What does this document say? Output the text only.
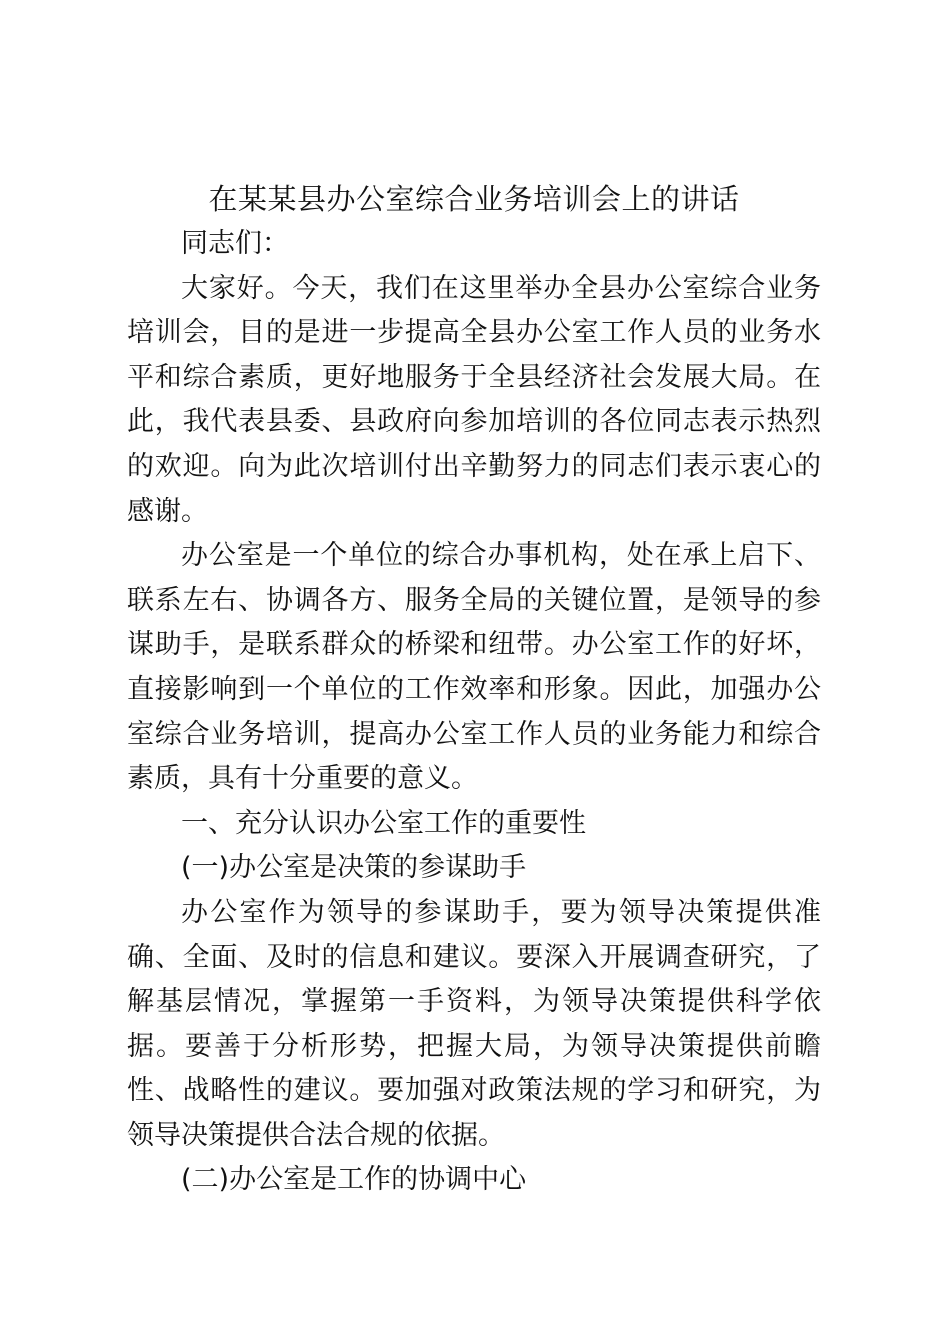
在某某县办公室综合业务培训会上的讲话

同志们：

大家好。今天，我们在这里举办全县办公室综合业务培训会，目的是进一步提高全县办公室工作人员的业务水平和综合素质，更好地服务于全县经济社会发展大局。在此，我代表县委、县政府向参加培训的各位同志表示热烈的欢迎。向为此次培训付出辛勤努力的同志们表示衷心的感谢。

办公室是一个单位的综合办事机构，处在承上启下、联系左右、协调各方、服务全局的关键位置，是领导的参谋助手，是联系群众的桥梁和纽带。办公室工作的好坏，直接影响到一个单位的工作效率和形象。因此，加强办公室综合业务培训，提高办公室工作人员的业务能力和综合素质，具有十分重要的意义。

一、充分认识办公室工作的重要性

(一)办公室是决策的参谋助手

办公室作为领导的参谋助手，要为领导决策提供准确、全面、及时的信息和建议。要深入开展调查研究，了解基层情况，掌握第一手资料，为领导决策提供科学依据。要善于分析形势，把握大局，为领导决策提供前瞻性、战略性的建议。要加强对政策法规的学习和研究，为领导决策提供合法合规的依据。

(二)办公室是工作的协调中心
